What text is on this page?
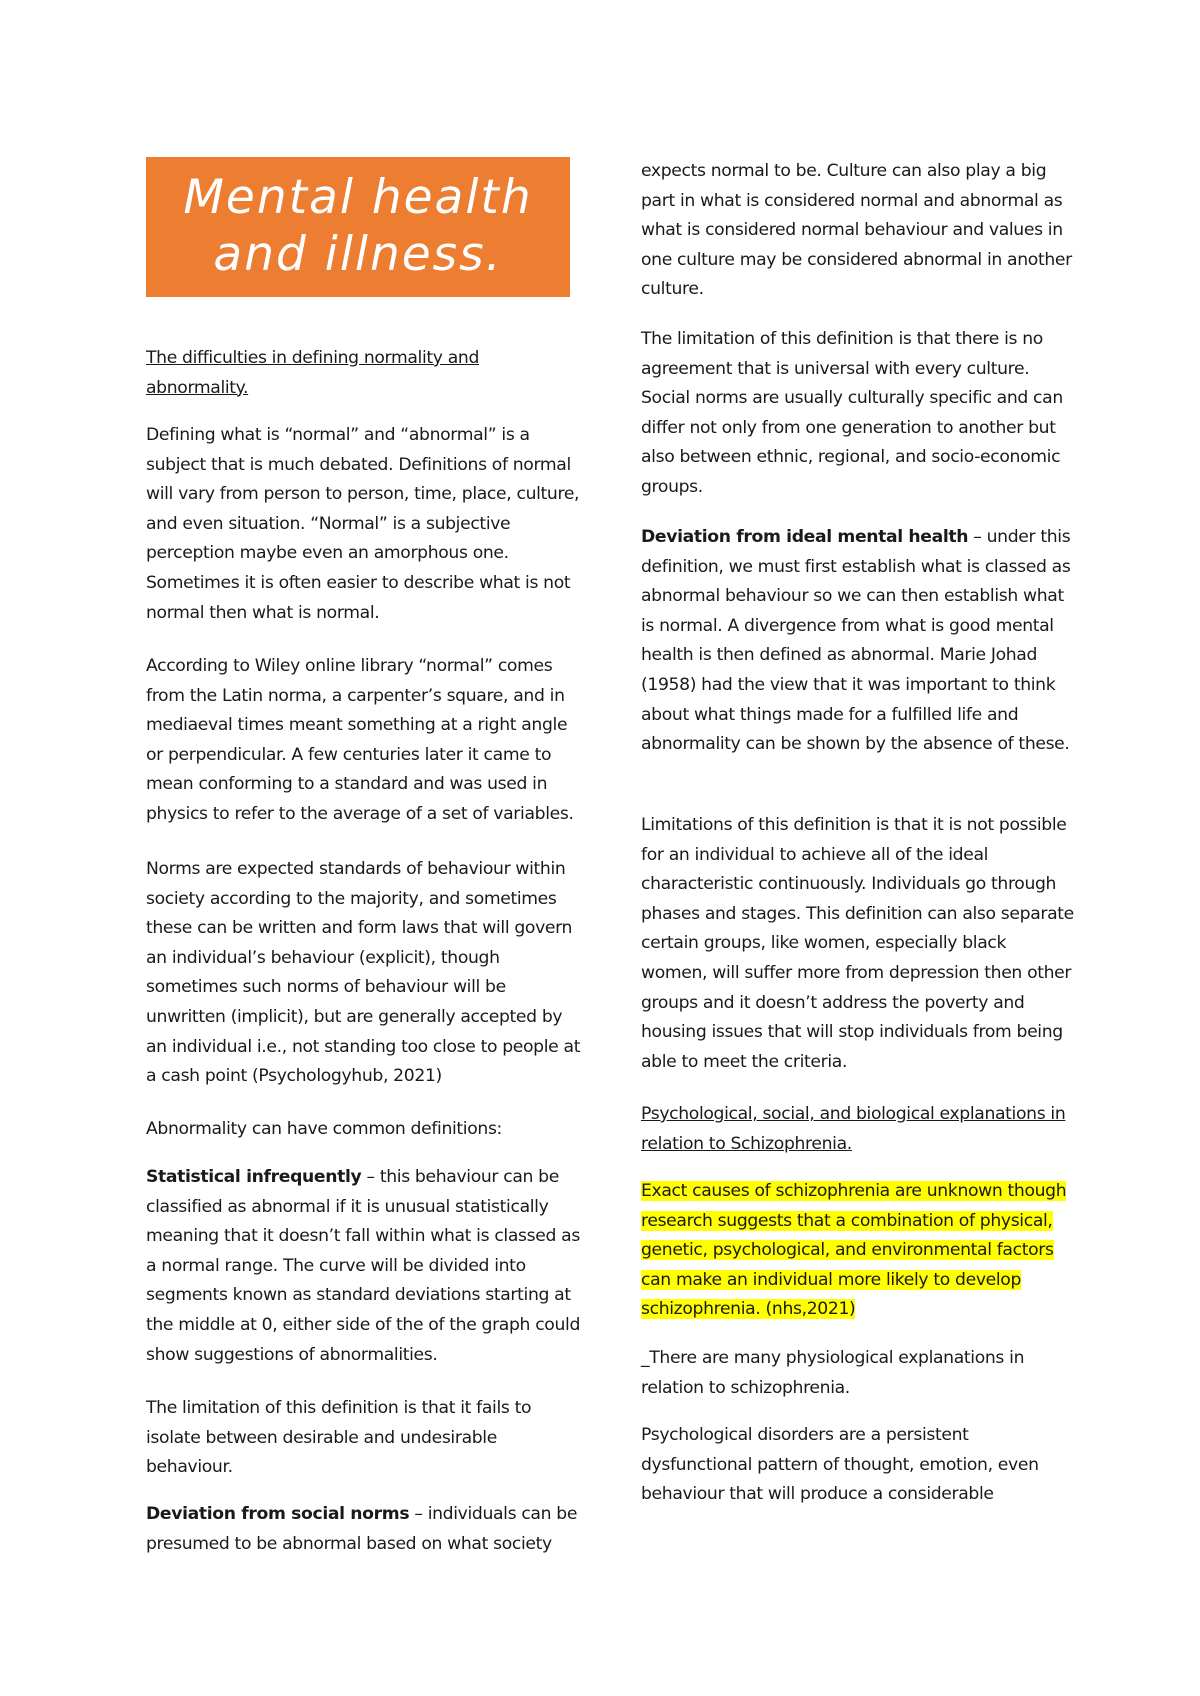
Mental health
and illness.

The difficulties in defining normality and abnormality.

Defining what is “normal” and “abnormal” is a subject that is much debated. Definitions of normal will vary from person to person, time, place, culture, and even situation. “Normal” is a subjective perception maybe even an amorphous one. Sometimes it is often easier to describe what is not normal then what is normal.

According to Wiley online library “normal” comes from the Latin norma, a carpenter’s square, and in mediaeval times meant something at a right angle or perpendicular. A few centuries later it came to mean conforming to a standard and was used in physics to refer to the average of a set of variables.

Norms are expected standards of behaviour within society according to the majority, and sometimes these can be written and form laws that will govern an individual’s behaviour (explicit), though sometimes such norms of behaviour will be unwritten (implicit), but are generally accepted by an individual i.e., not standing too close to people at a cash point (Psychologyhub, 2021)

Abnormality can have common definitions:

Statistical infrequently – this behaviour can be classified as abnormal if it is unusual statistically meaning that it doesn’t fall within what is classed as a normal range. The curve will be divided into segments known as standard deviations starting at the middle at 0, either side of the of the graph could show suggestions of abnormalities.

The limitation of this definition is that it fails to isolate between desirable and undesirable behaviour.

Deviation from social norms – individuals can be presumed to be abnormal based on what society

expects normal to be. Culture can also play a big part in what is considered normal and abnormal as what is considered normal behaviour and values in one culture may be considered abnormal in another culture.

The limitation of this definition is that there is no agreement that is universal with every culture. Social norms are usually culturally specific and can differ not only from one generation to another but also between ethnic, regional, and socio-economic groups.

Deviation from ideal mental health – under this definition, we must first establish what is classed as abnormal behaviour so we can then establish what is normal. A divergence from what is good mental health is then defined as abnormal. Marie Johad (1958) had the view that it was important to think about what things made for a fulfilled life and abnormality can be shown by the absence of these.

Limitations of this definition is that it is not possible for an individual to achieve all of the ideal characteristic continuously. Individuals go through phases and stages. This definition can also separate certain groups, like women, especially black women, will suffer more from depression then other groups and it doesn’t address the poverty and housing issues that will stop individuals from being able to meet the criteria.

Psychological, social, and biological explanations in relation to Schizophrenia.

Exact causes of schizophrenia are unknown though research suggests that a combination of physical, genetic, psychological, and environmental factors can make an individual more likely to develop schizophrenia. (nhs,2021)

_There are many physiological explanations in relation to schizophrenia.

Psychological disorders are a persistent dysfunctional pattern of thought, emotion, even behaviour that will produce a considerable
